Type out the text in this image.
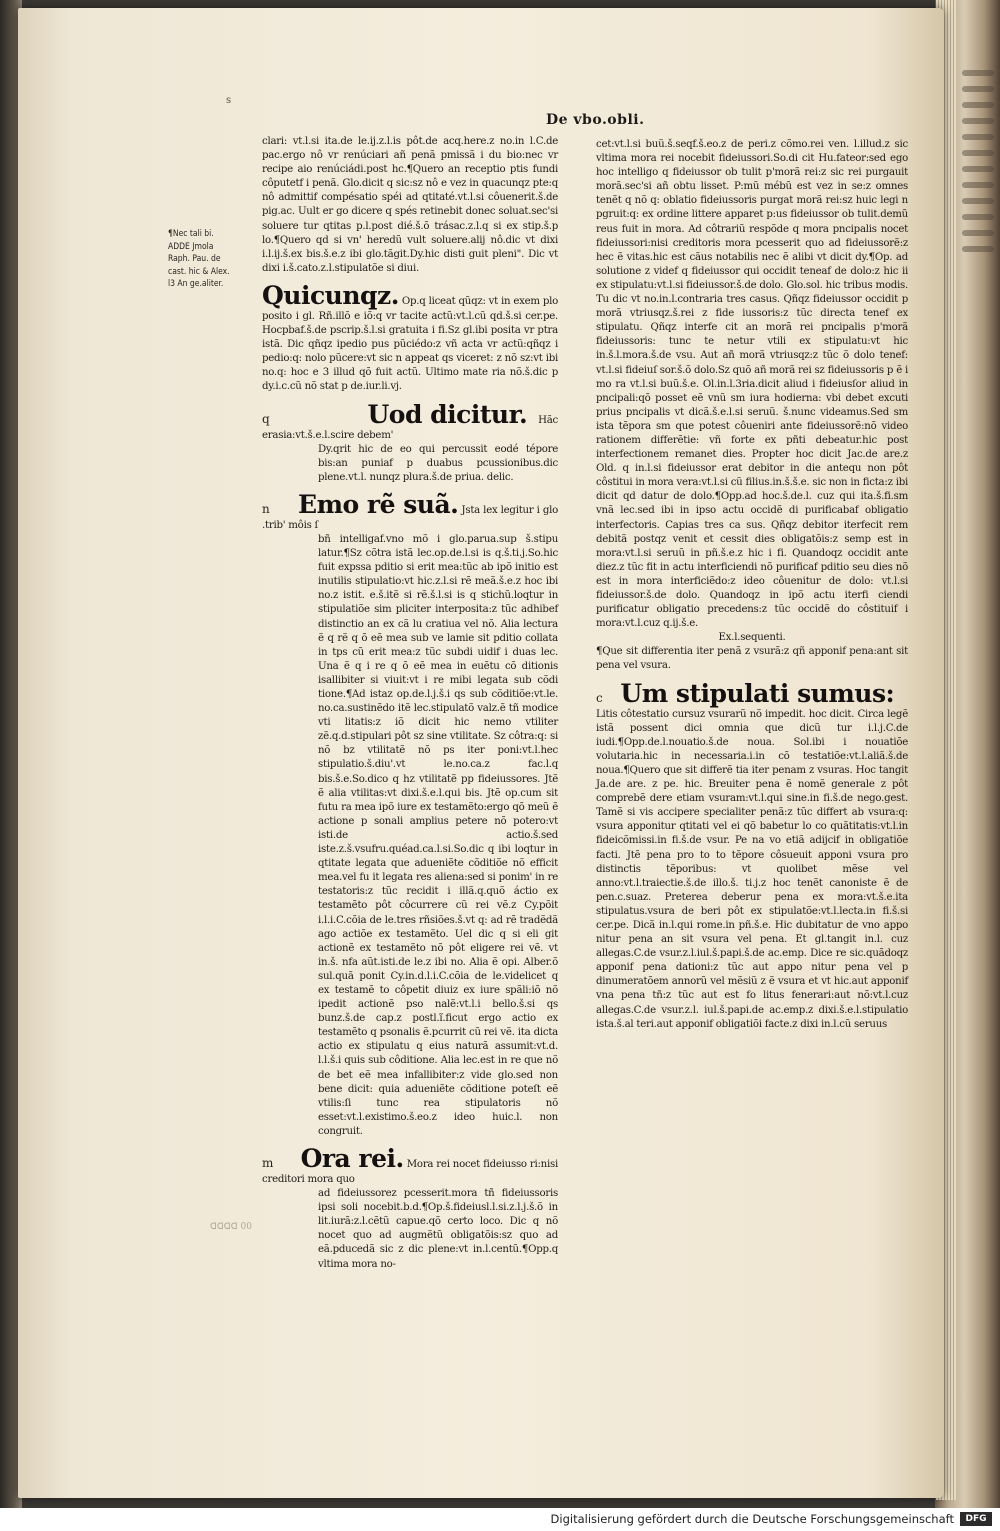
s
De vbo.obli.
¶Nec tali bi. ADDE Jmola Raph. Pau. de cast. hic & Alex. l3 An ge.aliter.

clari: vt.l.si ita.de le.ij.z.l.is pôt.de acq.here.z no.in l.C.de pac.ergo nô vr renúciari añ penã pmissã i du bio:nec vr recipe aio renúciádi.post hc.¶Quero an receptio ptis fundi côputetf i penã. Glo.dicit q sic:sz nô e vez in quacunqz pte:q nô admittif compésatio spéi ad qtitaté.vt.l.si côuenerit.š.de pig.ac. Uult er go dicere q spés retinebit donec soluat.sec'si soluere tur qtitas p.l.post dié.š.õ trásac.z.l.q si ex stip.š.p lo.¶Quero qd si vn' heredũ vult soluere.alij nô.dic vt dixi i.l.ij.š.ex bis.š.e.z ibi glo.tãgit.Dy.hic disti guit pleni". Dic vt dixi i.š.cato.z.l.stipulatõe si diui.

Quicunqz. Op.q liceat qũqz: vt in exem plo posito i gl. Rñ.illõ e iõ:q vr tacite actũ:vt.l.cũ qd.š.si cer.pe. Hocpbaf.š.de pscrip.š.l.si gratuita i fi.Sz gl.ibi posita vr ptra istã. Dic qñqz ipedio pus pũciédo:z vñ acta vr actũ:qñqz i pedio:q: nolo pũcere:vt sic n appeat qs viceret: z nõ sz:vt ibi no.q: hoc e 3 illud qõ fuit actũ. Ultimo mate ria nõ.š.dic p dy.i.c.cũ nõ stat p de.iur.li.vj.

q	Uod dicitur. Hãc erasia:vt.š.e.l.scire debem'

Dy.qrit hic de eo qui percussit eodé tépore bis:an puniaf p duabus pcussionibus.dic plene.vt.l. nunqz plura.š.de priua. delic.

n Emo rẽ suã. Jsta lex legitur i glo .trib' môis ſ

bñ intelligaf.vno mõ i glo.parua.sup š.stipu latur.¶Sz cõtra istã lec.op.de.l.si is q.š.ti.j.So.hic fuit expssa pditio si erit mea:tũc ab ipõ initio est inutilis stipulatio:vt hic.z.l.si rẽ meã.š.e.z hoc ibi no.z istit. e.š.itẽ si rẽ.š.l.si is q stichũ.loqtur in stipulatiõe sim pliciter interposita:z tũc adhibef distinctio an ex cã lu cratiua vel nõ. Alia lectura ẽ q rẽ q õ eẽ mea sub ve lamie sit pditio collata in tps cũ erit mea:z tũc subdi uidif i duas lec. Una ẽ q i re q õ eẽ mea in euẽtu cõ ditionis isallibiter si viuit:vt i re mibi legata sub cõdi tione.¶Ad istaz op.de.l.j.š.i qs sub cõditiõe:vt.le. no.ca.sustinẽdo itẽ lec.stipulatõ valz.ẽ tñ modice vti litatis:z iõ dicit hic nemo vtiliter zẽ.q.d.stipulari pôt sz sine vtilitate. Sz côtra:q: si nõ bz vtilitatẽ nõ ps iter poni:vt.l.hec stipulatio.š.diu'.vt le.no.ca.z fac.l.q bis.š.e.So.dico q hz vtilitatẽ pp fideiussores. Jtẽ ẽ alia vtilitas:vt dixi.š.e.l.qui bis. Jtẽ op.cum sit futu ra mea ipõ iure ex testamẽto:ergo qõ meũ ẽ actione p sonali amplius petere nõ potero:vt isti.de actio.š.sed iste.z.š.vsufru.quéad.ca.l.si.So.dic q ibi loqtur in qtitate legata que adueniẽte cõditiõe nõ efficit mea.vel fu it legata res aliena:sed si ponim' in re testatoris:z tũc recidit i illã.q.quõ áctio ex testamẽto pôt côcurrere cũ rei vẽ.z Cy.põit i.l.i.C.cõia de le.tres rñsiões.š.vt q: ad rẽ tradẽdã ago actiõe ex testamẽto. Uel dic q si eli git actionẽ ex testamẽto nõ pôt eligere rei vẽ. vt in.š. nfa aũt.isti.de le.z ibi no. Alia ẽ opi. Alber.õ sul.quã ponit Cy.in.d.l.i.C.cõia de le.videlicet q ex testamẽ to côpetit diuiz ex iure spãli:iõ nõ ipedit actionẽ pso nalẽ:vt.l.i bello.š.si qs bunz.š.de cap.z postl.ĩ.ficut ergo actio ex testamẽto q psonalis ẽ.pcurrit cũ rei vẽ. ita dicta actio ex stipulatu q eius naturã assumit:vt.d. l.l.š.i quis sub côditione. Alia lec.est in re que nõ de bet eẽ mea infallibiter:z vide glo.sed non bene dicit: quia adueniẽte cõditione poteſt eẽ vtilis:ſi tunc rea stipulatoris nõ esset:vt.l.existimo.š.eo.z ideo huic.l. non congruit.

m Ora rei. Mora rei nocet fideiusso ri:nisi creditori mora quo

ad fideiussorez pcesserit.mora tñ fideiussoris ipsi soli nocebit.b.d.¶Op.š.fideiusl.l.si.z.l.j.š.õ in lit.iurã:z.l.cẽtũ capue.qõ certo loco. Dic q nõ nocet quo ad augmẽtũ obligatõis:sz quo ad eã.pducedã sic z dic plene:vt in.l.centũ.¶Opp.q vltima mora no-

cet:vt.l.si buũ.š.seqf.š.eo.z de peri.z cõmo.rei ven. l.illud.z sic vltima mora rei nocebit fideiussori.So.di cit Hu.fateor:sed ego hoc intelligo q fideiussor ob tulit p'morã rei:z sic rei purgauit morã.sec'si añ obtu lisset. P:mũ mébũ est vez in se:z omnes tenẽt q nõ q: oblatio fideiussoris purgat morã rei:sz huic legi n pgruit:q: ex ordine littere apparet p:us fideiussor ob tulit.demũ reus fuit in mora. Ad côtrariũ respõde q mora pncipalis nocet fideiussori:nisi creditoris mora pcesserit quo ad fideiussorẽ:z hec ẽ vitas.hic est cãus notabilis nec ẽ alibi vt dicit dy.¶Op. ad solutione z videf q fideiussor qui occidit teneaf de dolo:z hic ii ex stipulatu:vt.l.si fideiussor.š.de dolo. Glo.sol. hic tribus modis. Tu dic vt no.in.l.contraria tres casus. Qñqz fideiussor occidit p morã vtriusqz.š.rei z fide iussoris:z tũc directa tenef ex stipulatu. Qñqz interfe cit an morã rei pncipalis p'morã fideiussoris: tunc te netur vtili ex stipulatu:vt hic in.š.l.mora.š.de vsu. Aut añ morã vtriusqz:z tũc õ dolo tenef: vt.l.si fideiuſ sor.š.õ dolo.Sz quõ añ morã rei sz fideiussoris p ẽ i mo ra vt.l.si buũ.š.e. Ol.in.l.3ria.dicit aliud i fideiusſor aliud in pncipali:qõ posset eẽ vnũ sm iura hodierna: vbi debet excuti prius pncipalis vt dicã.š.e.l.si seruũ. š.nunc videamus.Sed sm ista tẽpora sm que potest côueniri ante fideiussorẽ:nõ video rationem differẽtie: vñ forte ex pñti debeatur.hic post interfectionem remanet dies. Propter hoc dicit Jac.de are.z Old. q in.l.si fideiussor erat debitor in die antequ non pôt côstitui in mora vera:vt.l.si cũ filius.in.š.š.e. sic non in ficta:z ibi dicit qd datur de dolo.¶Opp.ad hoc.š.de.l. cuz qui ita.š.fi.sm vnã lec.sed ibi in ipso actu occidẽ di purificabaf obligatio interfectoris. Capias tres ca sus. Qñqz debitor iterfecit rem debitã postqz venit et cessit dies obligatõis:z semp est in mora:vt.l.si seruũ in pñ.š.e.z hic i fi. Quandoqz occidit ante diez.z tũc fit in actu interficiendi nõ purificaf pditio seu dies nõ est in mora interficiẽdo:z ideo côuenitur de dolo: vt.l.si fideiussor.š.de dolo. Quandoqz in ipõ actu iterfi ciendi purificatur obligatio precedens:z tũc occidẽ do côstituif i mora:vt.l.cuz q.ij.š.e.

Ex.l.sequenti.

¶Que sit differentia iter penã z vsurã:z qñ apponif pena:ant sit pena vel vsura.

c Um stipulati sumus:

Litis côtestatio cursuz vsurarũ nõ impedit. hoc dicit. Circa legẽ istã possent dici omnia que dicũ tur i.l.j.C.de iudi.¶Opp.de.l.nouatio.š.de noua. Sol.ibi i nouatiõe volutaria.hic in necessaria.i.in cõ testatiõe:vt.l.aliã.š.de noua.¶Quero que sit differẽ tia iter penam z vsuras. Hoc tangit Ja.de are. z pe. hic. Breuiter pena ẽ nomẽ generale z pôt comprebẽ dere etiam vsuram:vt.l.qui sine.in fi.š.de nego.gest. Tamẽ si vis accipere specialiter penã:z tũc differt ab vsura:q: vsura apponitur qtitati vel ei qõ babetur lo co quãtitatis:vt.l.in fideicõmissi.in fi.š.de vsur. Pe na vo etiã adijcif in obligatiõe facti. Jtẽ pena pro to to tẽpore côsueuit apponi vsura pro distinctis tẽporibus: vt quolibet mẽse vel anno:vt.l.traiectie.š.de illo.š. ti.j.z hoc tenẽt canoniste ẽ de pen.c.suaz. Preterea deberur pena ex mora:vt.š.e.ita stipulatus.vsura de beri pôt ex stipulatõe:vt.l.lecta.in fi.š.si cer.pe. Dicã in.l.qui rome.in pñ.š.e. Hic dubitatur de vno appo nitur pena an sit vsura vel pena. Et gl.tangit in.l. cuz allegas.C.de vsur.z.l.iul.š.papi.š.de ac.emp. Dice re sic.quãdoqz apponif pena dationi:z tũc aut appo nitur pena vel p dinumeratõem annorũ vel mẽsiũ z ẽ vsura et vt hic.aut apponif vna pena tñ:z tũc aut est fo litus fenerari:aut nõ:vt.l.cuz allegas.C.de vsur.z.l. iul.š.papi.de ac.emp.z dixi.š.e.l.stipulatio ista.š.al teri.aut apponif obligatiõi facte.z dixi in.l.cũ seruus

ᗡᗡᗡᗡ 00
Digitalisierung gefördert durch die Deutsche Forschungsgemeinschaft	DFG
